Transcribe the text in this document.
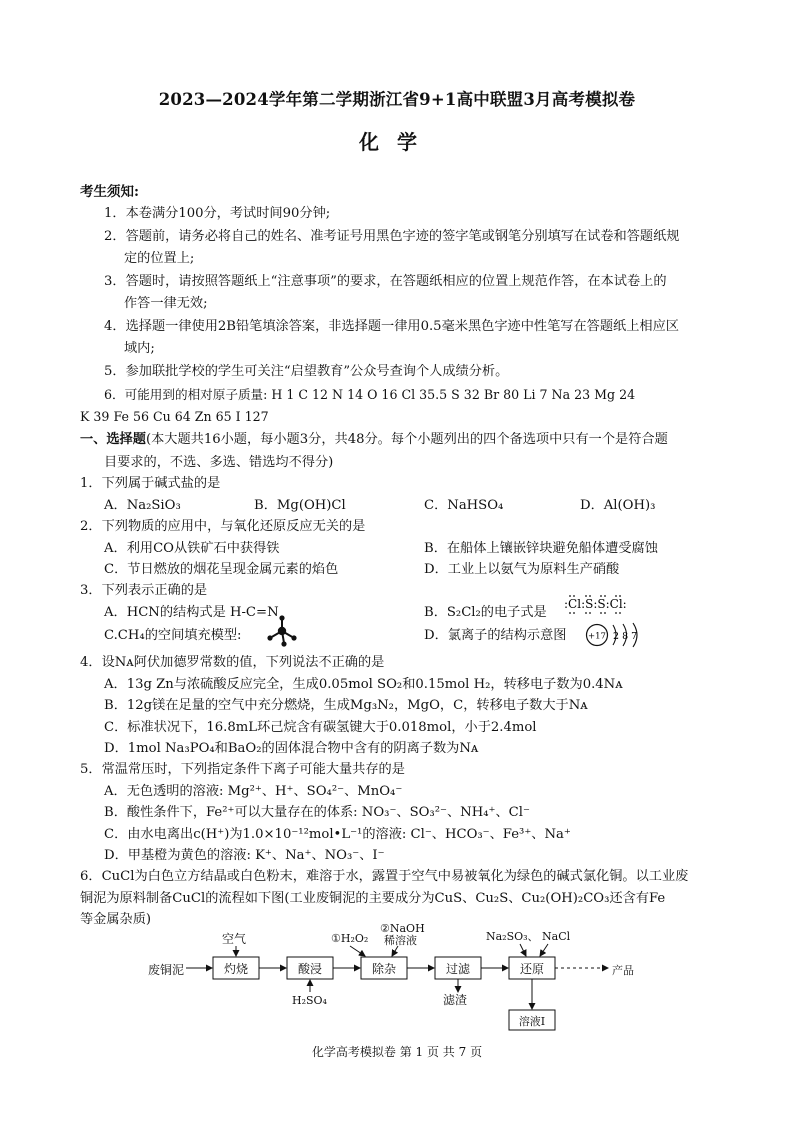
2023—2024学年第二学期浙江省9+1高中联盟3月高考模拟卷
化学
考生须知:
1．本卷满分100分，考试时间90分钟;
2．答题前，请务必将自己的姓名、准考证号用黑色字迹的签字笔或钢笔分别填写在试卷和答题纸规
定的位置上;
3．答题时，请按照答题纸上“注意事项”的要求，在答题纸相应的位置上规范作答，在本试卷上的
作答一律无效;
4．选择题一律使用2B铅笔填涂答案，非选择题一律用0.5毫米黑色字迹中性笔写在答题纸上相应区
域内;
5．参加联批学校的学生可关注“启望教育”公众号查询个人成绩分析。
6．可能用到的相对原子质量: H 1 C 12 N 14 O 16 Cl 35.5 S 32 Br 80 Li 7 Na 23 Mg 24
K 39 Fe 56 Cu 64 Zn 65 I 127
一、选择题(本大题共16小题，每小题3分，共48分。每个小题列出的四个备选项中只有一个是符合题
目要求的，不选、多选、错选均不得分)
1．下列属于碱式盐的是
A．Na₂SiO₃	B．Mg(OH)Cl	C．NaHSO₄	D．Al(OH)₃
2．下列物质的应用中，与氧化还原反应无关的是
A．利用CO从铁矿石中获得铁	B．在船体上镶嵌锌块避免船体遭受腐蚀
C．节日燃放的烟花呈现金属元素的焰色	D．工业上以氨气为原料生产硝酸
3．下列表示正确的是
A．HCN的结构式是 H-C=N	B．S₂Cl₂的电子式是
:Cl:S:S:Cl:
C.CH₄的空间填充模型:	D．氯离子的结构示意图	+17 2 8 7
4．设Nᴀ阿伏加德罗常数的值，下列说法不正确的是
A．13g Zn与浓硫酸反应完全，生成0.05mol SO₂和0.15mol H₂，转移电子数为0.4Nᴀ
B．12g镁在足量的空气中充分燃烧，生成Mg₃N₂，MgO，C，转移电子数大于Nᴀ
C．标准状况下，16.8mL环己烷含有碳氢键大于0.018mol，小于2.4mol
D．1mol Na₃PO₄和BaO₂的固体混合物中含有的阴离子数为Nᴀ
5．常温常压时，下列指定条件下离子可能大量共存的是
A．无色透明的溶液: Mg²⁺、H⁺、SO₄²⁻、MnO₄⁻
B．酸性条件下，Fe²⁺可以大量存在的体系: NO₃⁻、SO₃²⁻、NH₄⁺、Cl⁻
C．由水电离出c(H⁺)为1.0×10⁻¹²mol•L⁻¹的溶液: Cl⁻、HCO₃⁻、Fe³⁺、Na⁺
D．甲基橙为黄色的溶液: K⁺、Na⁺、NO₃⁻、I⁻
6．CuCl为白色立方结晶或白色粉末，难溶于水，露置于空气中易被氧化为绿色的碱式氯化铜。以工业废
铜泥为原料制备CuCl的流程如下图(工业废铜泥的主要成分为CuS、Cu₂S、Cu₂(OH)₂CO₃还含有Fe
等金属杂质)
废铜泥
空气
H₂SO₄
①H₂O₂
②NaOH
稀溶液
滤渣
Na₂SO₃、 NaCl
产品
灼烧	酸浸	除杂	过滤	还原
溶液Ⅰ
化学高考模拟卷 第 1 页 共 7 页
